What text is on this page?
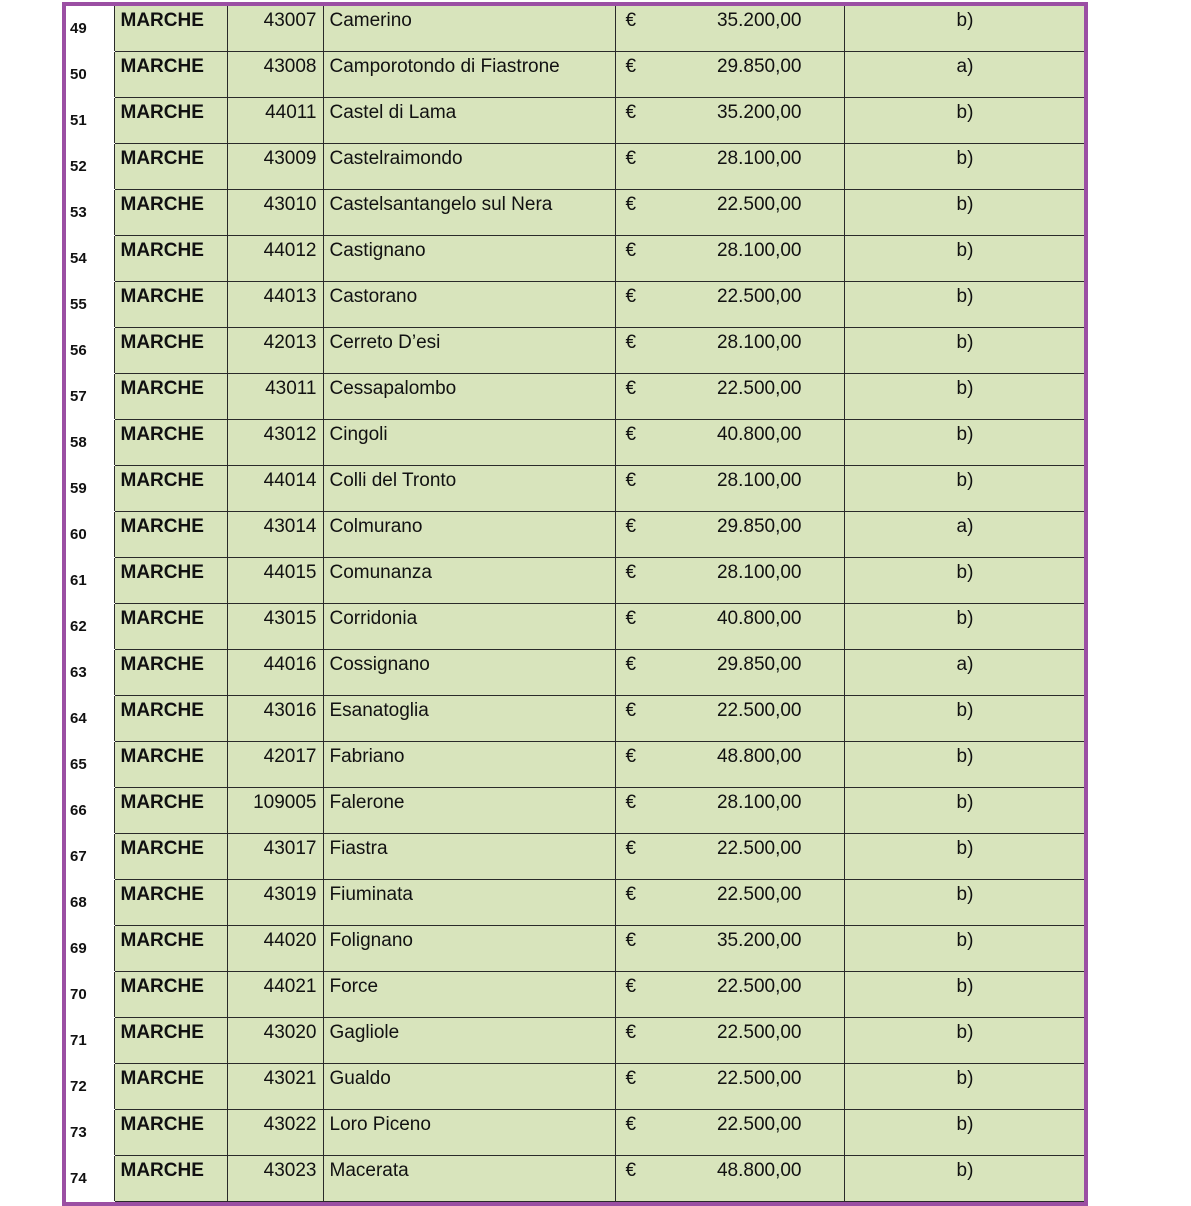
49	MARCHE	43007	Camerino	€	35.200,00	b)
50	MARCHE	43008	Camporotondo di Fiastrone	€	29.850,00	a)
51	MARCHE	44011	Castel di Lama	€	35.200,00	b)
52	MARCHE	43009	Castelraimondo	€	28.100,00	b)
53	MARCHE	43010	Castelsantangelo sul Nera	€	22.500,00	b)
54	MARCHE	44012	Castignano	€	28.100,00	b)
55	MARCHE	44013	Castorano	€	22.500,00	b)
56	MARCHE	42013	Cerreto D’esi	€	28.100,00	b)
57	MARCHE	43011	Cessapalombo	€	22.500,00	b)
58	MARCHE	43012	Cingoli	€	40.800,00	b)
59	MARCHE	44014	Colli del Tronto	€	28.100,00	b)
60	MARCHE	43014	Colmurano	€	29.850,00	a)
61	MARCHE	44015	Comunanza	€	28.100,00	b)
62	MARCHE	43015	Corridonia	€	40.800,00	b)
63	MARCHE	44016	Cossignano	€	29.850,00	a)
64	MARCHE	43016	Esanatoglia	€	22.500,00	b)
65	MARCHE	42017	Fabriano	€	48.800,00	b)
66	MARCHE	109005	Falerone	€	28.100,00	b)
67	MARCHE	43017	Fiastra	€	22.500,00	b)
68	MARCHE	43019	Fiuminata	€	22.500,00	b)
69	MARCHE	44020	Folignano	€	35.200,00	b)
70	MARCHE	44021	Force	€	22.500,00	b)
71	MARCHE	43020	Gagliole	€	22.500,00	b)
72	MARCHE	43021	Gualdo	€	22.500,00	b)
73	MARCHE	43022	Loro Piceno	€	22.500,00	b)
74	MARCHE	43023	Macerata	€	48.800,00	b)
